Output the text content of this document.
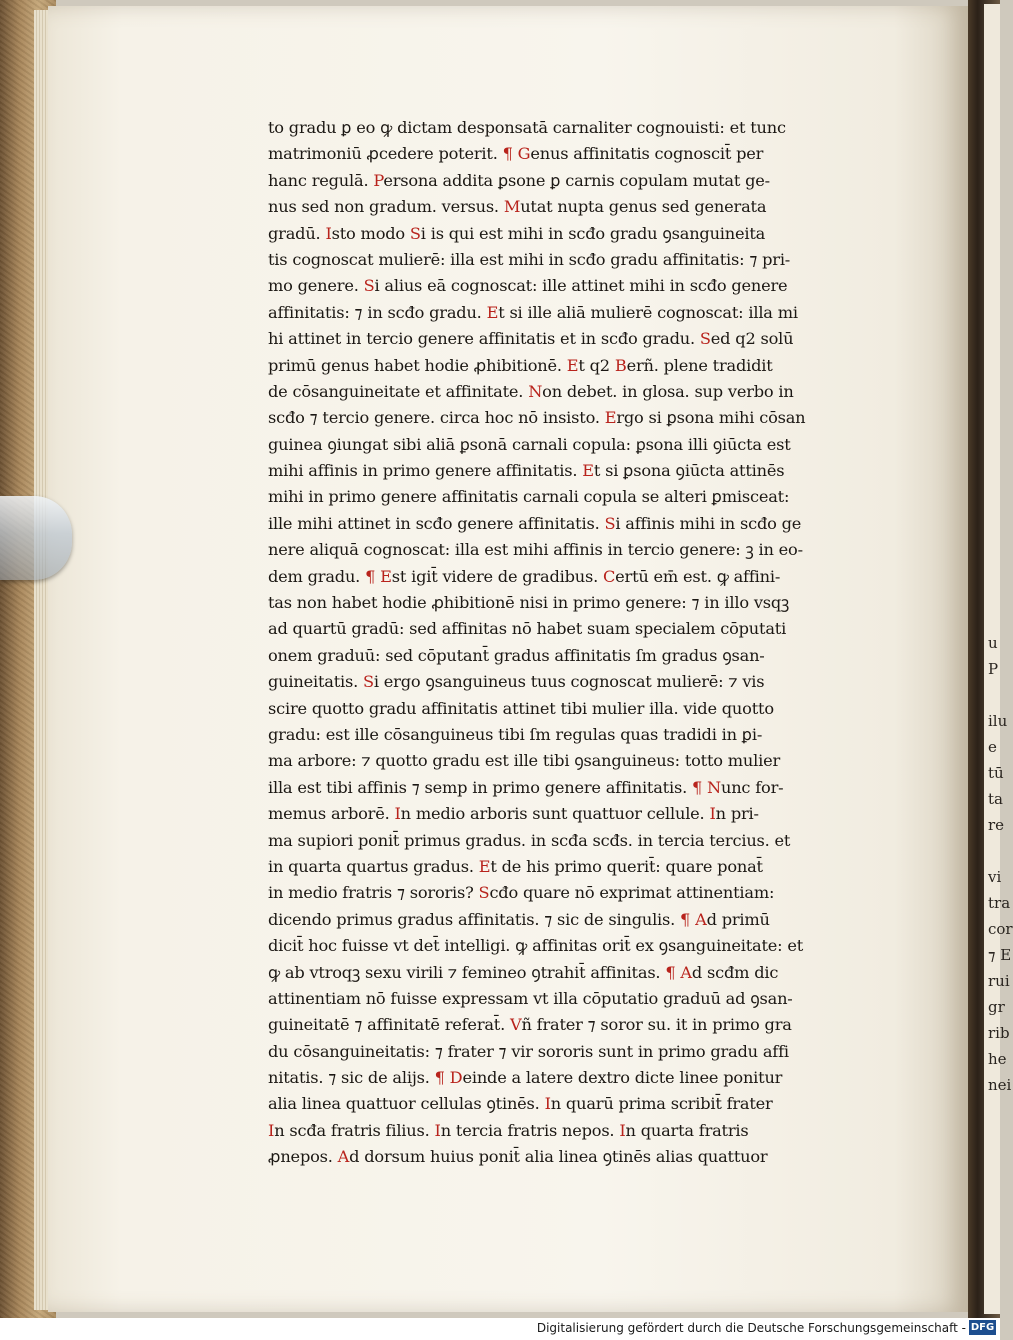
u
P

ilu
e
tū
ta
re

vi
tra
cor
⁊ E
rui
gr
rib
he
nei
to gradu ꝑ eo ꝙ dictam desponsatā carnaliter cognouisti: et tunc
matrimoniū ꝓcedere poterit. ¶ Genus affinitatis cognoscit̄ per
hanc regulā. Persona addita ꝑsone ꝑ carnis copulam mutat ge-
nus sed non gradum. versus. Mutat nupta genus sed generata
gradū. Isto modo Si is qui est mihi in scđo gradu ꝯsanguineita
tis cognoscat mulierē: illa est mihi in scđo gradu affinitatis: ⁊ pri-
mo genere. Si alius eā cognoscat: ille attinet mihi in scđo genere
affinitatis: ⁊ in scđo gradu. Et si ille aliā mulierē cognoscat: illa mi
hi attinet in tercio genere affinitatis et in scđo gradu. Sed q2 solū
primū genus habet hodie ꝓhibitionē. Et q2 Berñ. plene tradidit
de cōsanguineitate et affinitate. Non debet. in glosa. sup verbo in
scđo ⁊ tercio genere. circa hoc nō insisto. Ergo si ꝑsona mihi cōsan
guinea ꝯiungat sibi aliā ꝑsonā carnali copula: ꝑsona illi ꝯiūcta est
mihi affinis in primo genere affinitatis. Et si ꝑsona ꝯiūcta attinēs
mihi in primo genere affinitatis carnali copula se alteri ꝑmisceat:
ille mihi attinet in scđo genere affinitatis. Si affinis mihi in scđo ge
nere aliquā cognoscat: illa est mihi affinis in tercio genere: ꝫ in eo-
dem gradu. ¶ Est igit̄ videre de gradibus. Certū em̄ est. ꝙ affini-
tas non habet hodie ꝓhibitionē nisi in primo genere: ⁊ in illo vsqꝫ
ad quartū gradū: sed affinitas nō habet suam specialem cōputati
onem graduū: sed cōputant̄ gradus affinitatis ſm gradus ꝯsan-
guineitatis. Si ergo ꝯsanguineus tuus cognoscat mulierē: ⁊ vis
scire quotto gradu affinitatis attinet tibi mulier illa. vide quotto
gradu: est ille cōsanguineus tibi ſm regulas quas tradidi in ꝑi-
ma arbore: ⁊ quotto gradu est ille tibi ꝯsanguineus: totto mulier
illa est tibi affinis ⁊ semp in primo genere affinitatis. ¶ Nunc for-
memus arborē. In medio arboris sunt quattuor cellule. In pri-
ma supiori ponit̄ primus gradus. in scđa scđs. in tercia tercius. et
in quarta quartus gradus. Et de his primo querit̄: quare ponat̄
in medio fratris ⁊ sororis? Scđo quare nō exprimat attinentiam:
dicendo primus gradus affinitatis. ⁊ sic de singulis. ¶ Ad primū
dicit̄ hoc fuisse vt det̄ intelligi. ꝙ affinitas orit̄ ex ꝯsanguineitate: et
ꝙ ab vtroqꝫ sexu virili ⁊ femineo ꝯtrahit̄ affinitas. ¶ Ad scđm dic
attinentiam nō fuisse expressam vt illa cōputatio graduū ad ꝯsan-
guineitatē ⁊ affinitatē referat̄. Vñ frater ⁊ soror su. it in primo gra
du cōsanguineitatis: ⁊ frater ⁊ vir sororis sunt in primo gradu affi
nitatis. ⁊ sic de alijs. ¶ Deinde a latere dextro dicte linee ponitur
alia linea quattuor cellulas ꝯtinēs. In quarū prima scribit̄ frater
In scđa fratris filius. In tercia fratris nepos. In quarta fratris
ꝓnepos. Ad dorsum huius ponit̄ alia linea ꝯtinēs alias quattuor
Digitalisierung gefördert durch die Deutsche Forschungsgemeinschaft - DFG
